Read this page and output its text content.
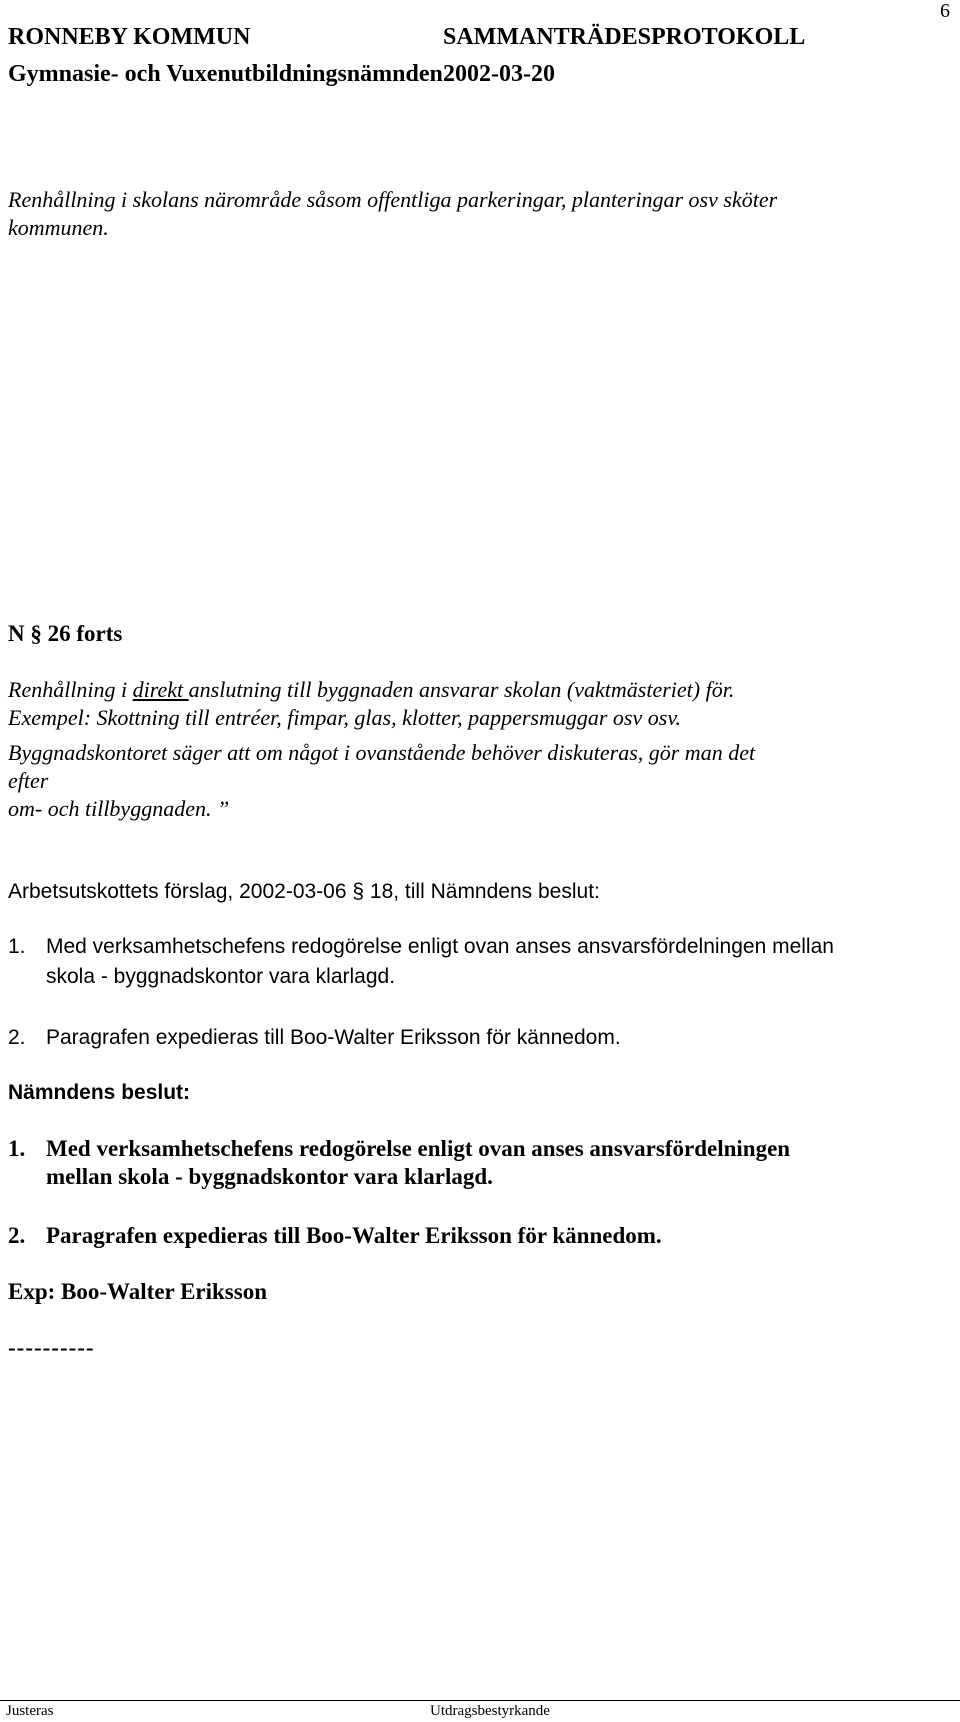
6
RONNEBY KOMMUN	SAMMANTRÄDESPROTOKOLL
Gymnasie- och Vuxenutbildningsnämnden 2002-03-20
Renhållning i skolans närområde såsom offentliga parkeringar, planteringar osv sköter
kommunen.
N § 26 forts
Renhållning i direkt anslutning till byggnaden ansvarar skolan (vaktmästeriet) för.
Exempel: Skottning till entréer, fimpar, glas, klotter, pappersmuggar osv osv.
Byggnadskontoret säger att om något i ovanstående behöver diskuteras, gör man det
efter
om- och tillbyggnaden. ”
Arbetsutskottets förslag, 2002-03-06 § 18, till Nämndens beslut:
1. Med verksamhetschefens redogörelse enligt ovan anses ansvarsfördelningen mellan
skola - byggnadskontor vara klarlagd.
2. Paragrafen expedieras till Boo-Walter Eriksson för kännedom.
Nämndens beslut:
1. Med verksamhetschefens redogörelse enligt ovan anses ansvarsfördelningen
mellan skola - byggnadskontor vara klarlagd.
2. Paragrafen expedieras till Boo-Walter Eriksson för kännedom.
Exp: Boo-Walter Eriksson
----------
Justeras	Utdragsbestyrkande
